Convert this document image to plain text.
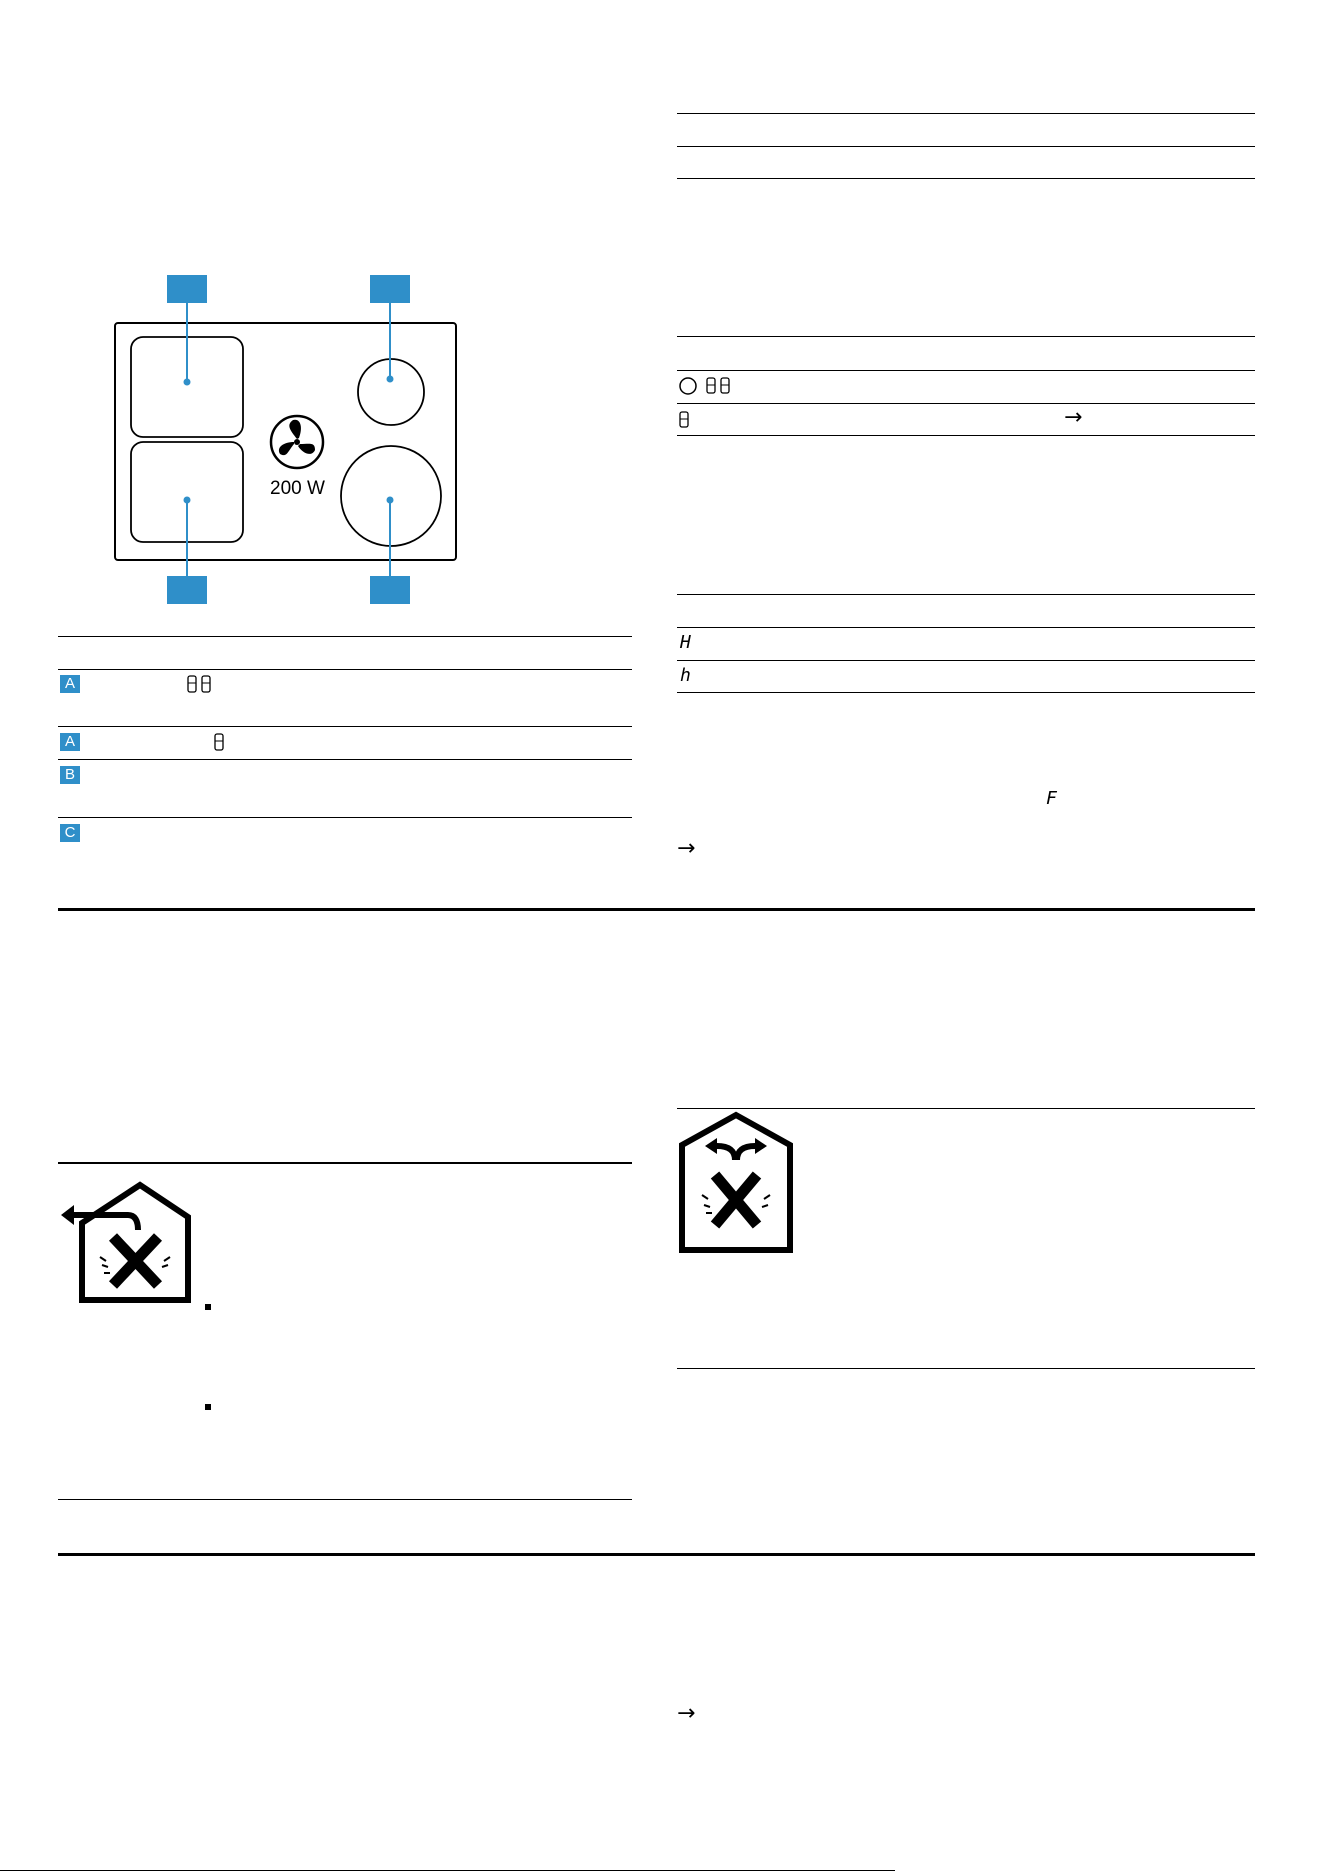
→
H
h
F
→
200 W
A
A
B
C
→
